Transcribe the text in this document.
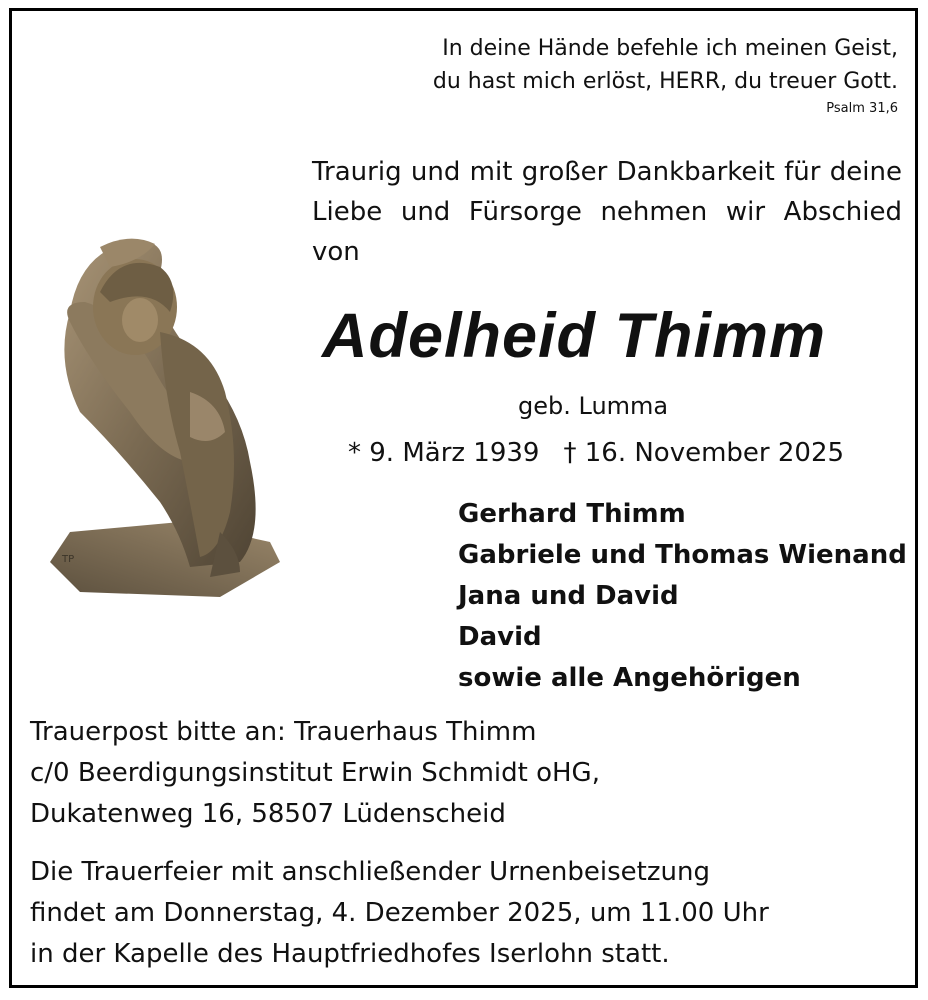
In deine Hände befehle ich meinen Geist,
du hast mich erlöst, HERR, du treuer Gott.
Psalm 31,6
Traurig und mit großer Dankbarkeit für deine Liebe und Fürsorge nehmen wir Abschied von
TP
Adelheid Thimm
geb. Lumma
* 9. März 1939 † 16. November 2025
Gerhard Thimm
Gabriele und Thomas Wienand
Jana und David
David
sowie alle Angehörigen
Trauerpost bitte an: Trauerhaus Thimm
c/0 Beerdigungsinstitut Erwin Schmidt oHG,
Dukatenweg 16, 58507 Lüdenscheid
Die Trauerfeier mit anschließender Urnenbeisetzung
findet am Donnerstag, 4. Dezember 2025, um 11.00 Uhr
in der Kapelle des Hauptfriedhofes Iserlohn statt.
